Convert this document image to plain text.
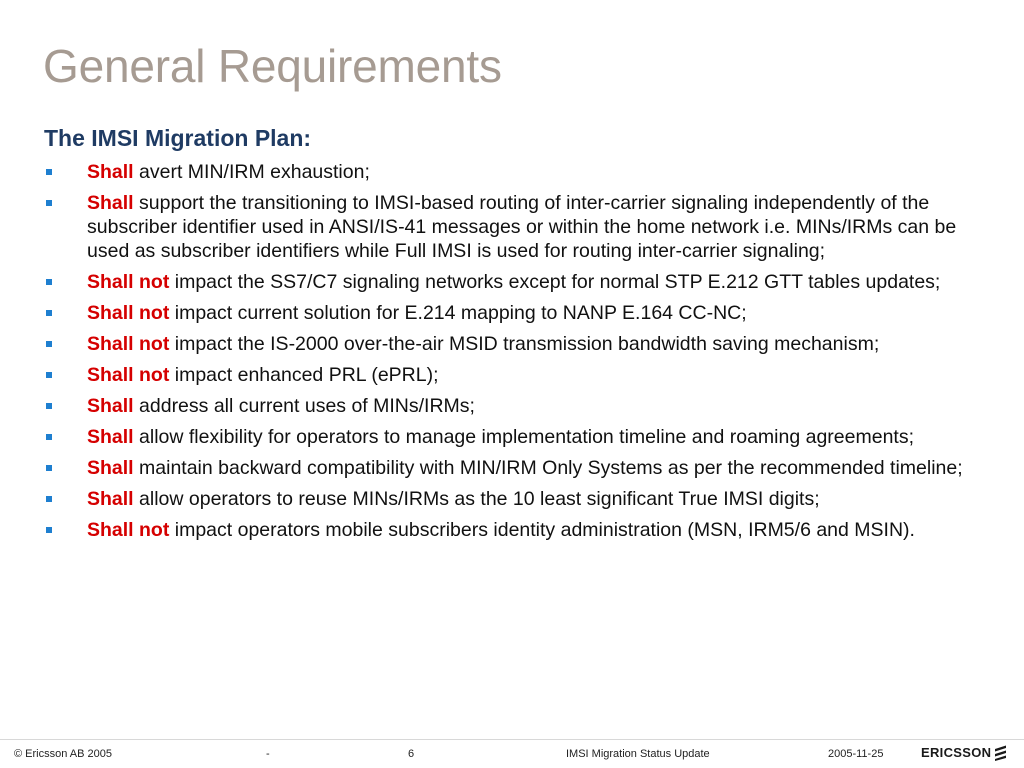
General Requirements
The IMSI Migration Plan:
Shall avert MIN/IRM exhaustion;
Shall support the transitioning to IMSI-based routing of inter-carrier signaling independently of the subscriber identifier used in ANSI/IS-41 messages or within the home network i.e. MINs/IRMs can be used as subscriber identifiers while Full IMSI is used for routing inter-carrier signaling;
Shall not impact the SS7/C7 signaling networks except for normal STP E.212 GTT tables updates;
Shall not impact current solution for E.214 mapping to NANP E.164 CC-NC;
Shall not impact the IS-2000 over-the-air MSID transmission bandwidth saving mechanism;
Shall not impact enhanced PRL (ePRL);
Shall address all current uses of MINs/IRMs;
Shall allow flexibility for operators to manage implementation timeline and roaming agreements;
Shall maintain backward compatibility with MIN/IRM Only Systems as per the recommended timeline;
Shall allow operators to reuse MINs/IRMs as the 10 least significant True IMSI digits;
Shall not impact operators mobile subscribers identity administration (MSN, IRM5/6 and MSIN).
© Ericsson AB 2005	-	6	IMSI Migration Status Update	2005-11-25	ERICSSON
